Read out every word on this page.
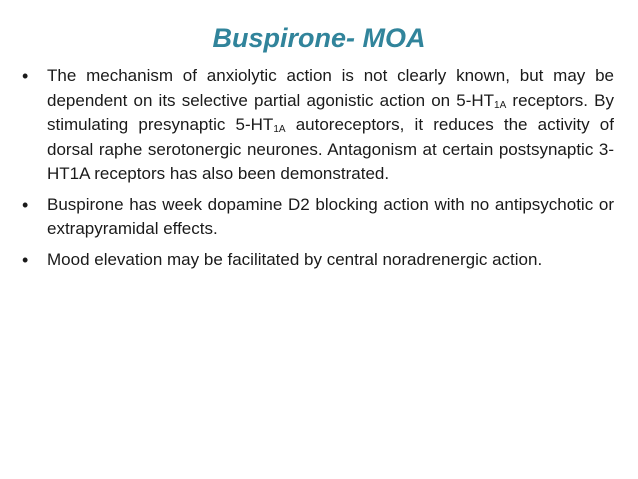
Buspirone- MOA
• The mechanism of anxiolytic action is not clearly known, but may be dependent on its selective partial agonistic action on $5-HT_{1A}$ receptors. By stimulating presynaptic $5-HT_{1A}$ autoreceptors, it reduces the activity of dorsal raphe serotonergic neurones. Antagonism at certain postsynaptic 3-HT1A receptors has also been demonstrated.
• Buspirone has week dopamine D2 blocking action with no antipsychotic or extrapyramidal effects.
• Mood elevation may be facilitated by central noradrenergic action.
